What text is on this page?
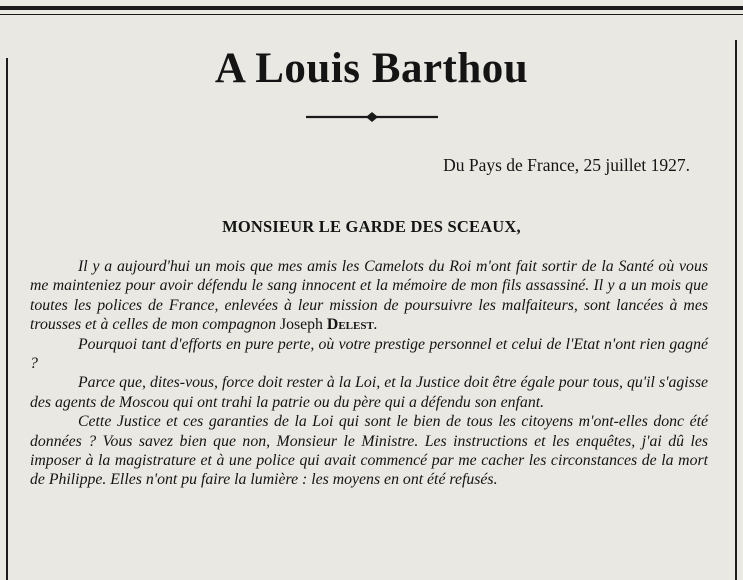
A Louis Barthou
Du Pays de France, 25 juillet 1927.
MONSIEUR LE GARDE DES SCEAUX,

Il y a aujourd'hui un mois que mes amis les Camelots du Roi m'ont fait sortir de la Santé où vous me mainteniez pour avoir défendu le sang innocent et la mémoire de mon fils assassiné. Il y a un mois que toutes les polices de France, enlevées à leur mission de poursuivre les malfaiteurs, sont lancées à mes trousses et à celles de mon compagnon Joseph Delest.

Pourquoi tant d'efforts en pure perte, où votre prestige personnel et celui de l'Etat n'ont rien gagné ?

Parce que, dites-vous, force doit rester à la Loi, et la Justice doit être égale pour tous, qu'il s'agisse des agents de Moscou qui ont trahi la patrie ou du père qui a défendu son enfant.

Cette Justice et ces garanties de la Loi qui sont le bien de tous les citoyens m'ont-elles donc été données ? Vous savez bien que non, Monsieur le Ministre. Les instructions et les enquêtes, j'ai dû les imposer à la magistrature et à une police qui avait commencé par me cacher les circonstances de la mort de Philippe. Elles n'ont pu faire la lumière : les moyens en ont été refusés.
